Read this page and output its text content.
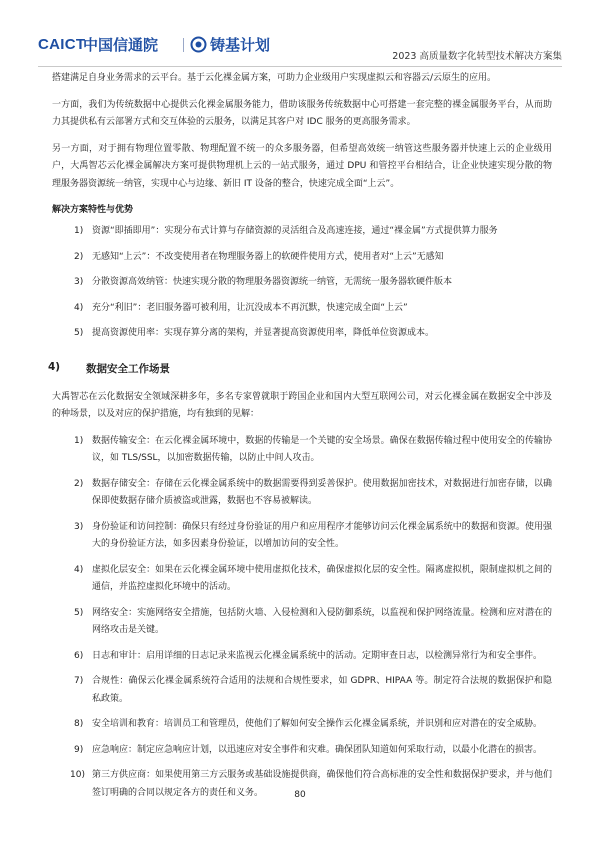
CAICT
中国信通院	铸基计划
2023 高质量数字化转型技术解决方案集

搭建满足自身业务需求的云平台。基于云化裸金属方案，可助力企业级用户实现虚拟云和容器云/云原生的应用。

一方面，我们为传统数据中心提供云化裸金属服务能力，借助该服务传统数据中心可搭建一套完整的裸金属服务平台，从而助力其提供私有云部署方式和交互体验的云服务，以满足其客户对 IDC 服务的更高服务需求。

另一方面，对于拥有物理位置零散、物理配置不统一的众多服务器，但希望高效统一纳管这些服务器并快速上云的企业级用户，大禹智芯云化裸金属解决方案可提供物理机上云的一站式服务，通过 DPU 和管控平台相结合，让企业快速实现分散的物理服务器资源统一纳管，实现中心与边缘、新旧 IT 设备的整合，快速完成全面“上云”。

解决方案特性与优势
1) 资源“即插即用”：实现分布式计算与存储资源的灵活组合及高速连接，通过“裸金属”方式提供算力服务
2) 无感知“上云”：不改变使用者在物理服务器上的软硬件使用方式，使用者对“上云”无感知
3) 分散资源高效纳管：快速实现分散的物理服务器资源统一纳管，无需统一服务器软硬件版本
4) 充分“利旧”：老旧服务器可被利用，让沉没成本不再沉默，快速完成全面“上云”
5) 提高资源使用率：实现存算分离的架构，并显著提高资源使用率，降低单位资源成本。
4) 数据安全工作场景

大禹智芯在云化数据安全领域深耕多年，多名专家曾就职于跨国企业和国内大型互联网公司，对云化裸金属在数据安全中涉及的种场景，以及对应的保护措施，均有独到的见解：

1) 数据传输安全：在云化裸金属环境中，数据的传输是一个关键的安全场景。确保在数据传输过程中使用安全的传输协议，如 TLS/SSL，以加密数据传输，以防止中间人攻击。
2) 数据存储安全：存储在云化裸金属系统中的数据需要得到妥善保护。使用数据加密技术，对数据进行加密存储，以确保即使数据存储介质被盗或泄露，数据也不容易被解读。
3) 身份验证和访问控制：确保只有经过身份验证的用户和应用程序才能够访问云化裸金属系统中的数据和资源。使用强大的身份验证方法，如多因素身份验证，以增加访问的安全性。
4) 虚拟化层安全：如果在云化裸金属环境中使用虚拟化技术，确保虚拟化层的安全性。隔离虚拟机，限制虚拟机之间的通信，并监控虚拟化环境中的活动。
5) 网络安全：实施网络安全措施，包括防火墙、入侵检测和入侵防御系统，以监视和保护网络流量。检测和应对潜在的网络攻击是关键。
6) 日志和审计：启用详细的日志记录来监视云化裸金属系统中的活动。定期审查日志，以检测异常行为和安全事件。
7) 合规性：确保云化裸金属系统符合适用的法规和合规性要求，如 GDPR、HIPAA 等。制定符合法规的数据保护和隐私政策。
8) 安全培训和教育：培训员工和管理员，使他们了解如何安全操作云化裸金属系统，并识别和应对潜在的安全威胁。
9) 应急响应：制定应急响应计划，以迅速应对安全事件和灾难。确保团队知道如何采取行动，以最小化潜在的损害。
10) 第三方供应商：如果使用第三方云服务或基础设施提供商，确保他们符合高标准的安全性和数据保护要求，并与他们签订明确的合同以规定各方的责任和义务。	80
